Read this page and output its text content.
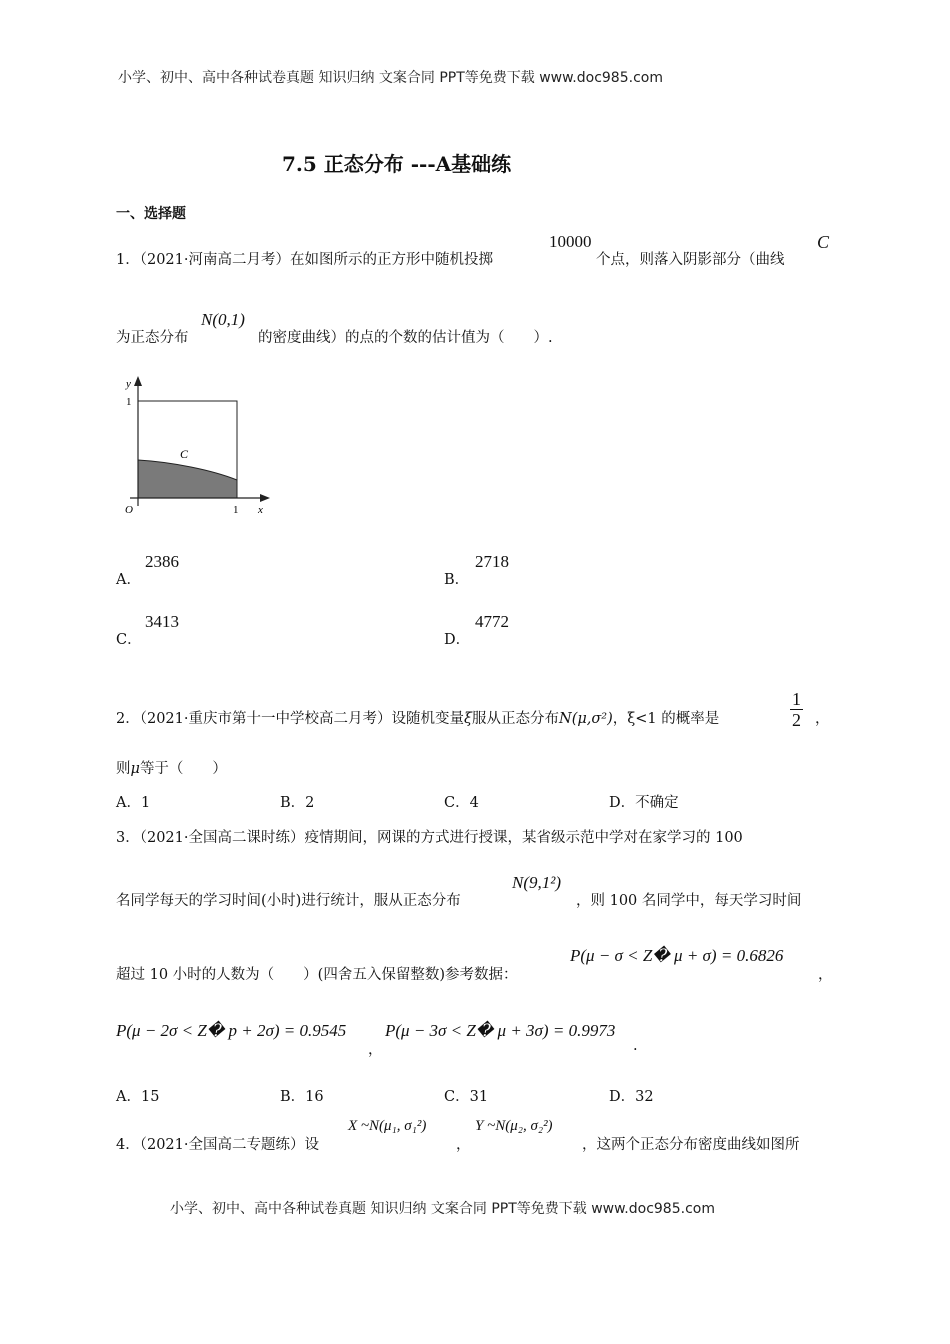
小学、初中、高中各种试卷真题 知识归纳 文案合同 PPT等免费下载 www.doc985.com
7.5 正态分布 ---A基础练
一、选择题
1．（2021·河南高二月考）在如图所示的正方形中随机投掷
10000
个点，则落入阴影部分（曲线
C
为正态分布
N(0,1)
的密度曲线）的点的个数的估计值为（　　）.
y
1
C
O	1 x
A．
2386
B．
2718
C．
3413
D．
4772
2．（2021·重庆市第十一中学校高二月考）设随机变量ξ服从正态分布N(μ,σ²)，ξ<1 的概率是	$\frac{1}{2}$ ，
则μ等于（　　）
A．1	B．2	C．4	D．不确定
3．（2021·全国高二课时练）疫情期间，网课的方式进行授课，某省级示范中学对在家学习的 100
名同学每天的学习时间(小时)进行统计，服从正态分布
N(9,1²)
，则 100 名同学中，每天学习时间
超过 10 小时的人数为（　　）(四舍五入保留整数)参考数据：
P(μ − σ < Z� μ + σ) = 0.6826
，
P(μ − 2σ < Z� p + 2σ) = 0.9545
，
P(μ − 3σ < Z� μ + 3σ) = 0.9973
.
A．15	B．16	C．31	D．32
4．（2021·全国高二专题练）设
X ~N(μ₁, σ₁²)
，
Y ~N(μ₂, σ₂²)
，这两个正态分布密度曲线如图所
小学、初中、高中各种试卷真题 知识归纳 文案合同 PPT等免费下载 www.doc985.com
